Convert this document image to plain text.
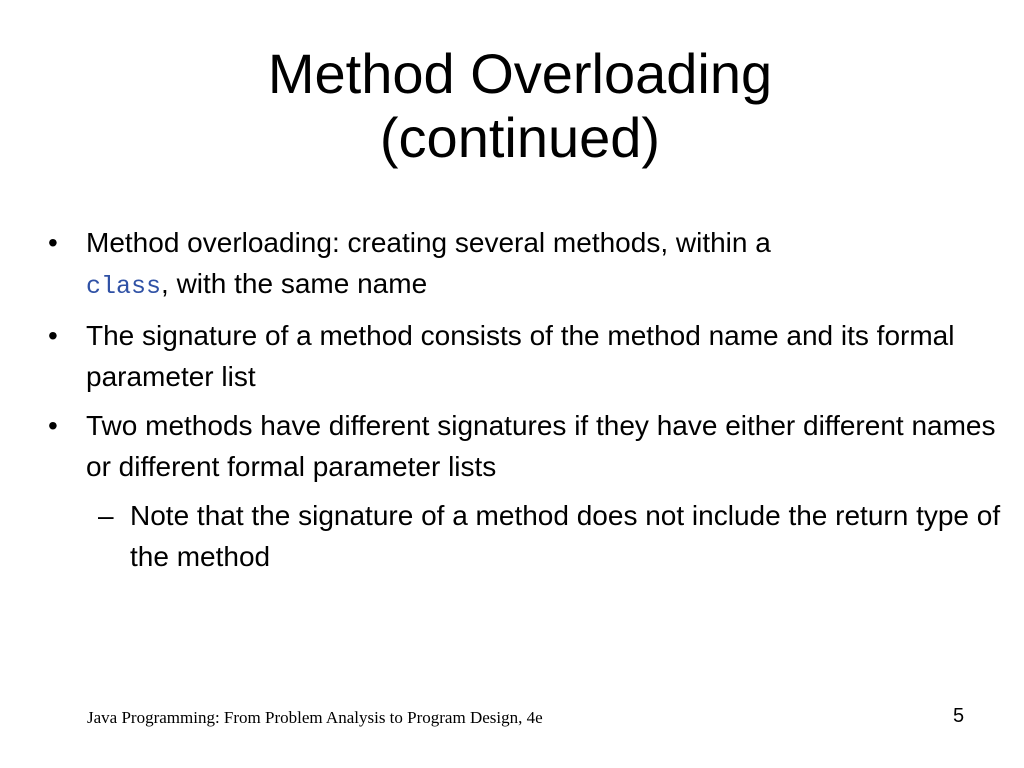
Method Overloading
(continued)
• Method overloading: creating several methods, within a
class, with the same name
• The signature of a method consists of the method name and its formal parameter list
• Two methods have different signatures if they have either different names or different formal parameter lists
– Note that the signature of a method does not include the return type of the method
Java Programming: From Problem Analysis to Program Design, 4e	5
